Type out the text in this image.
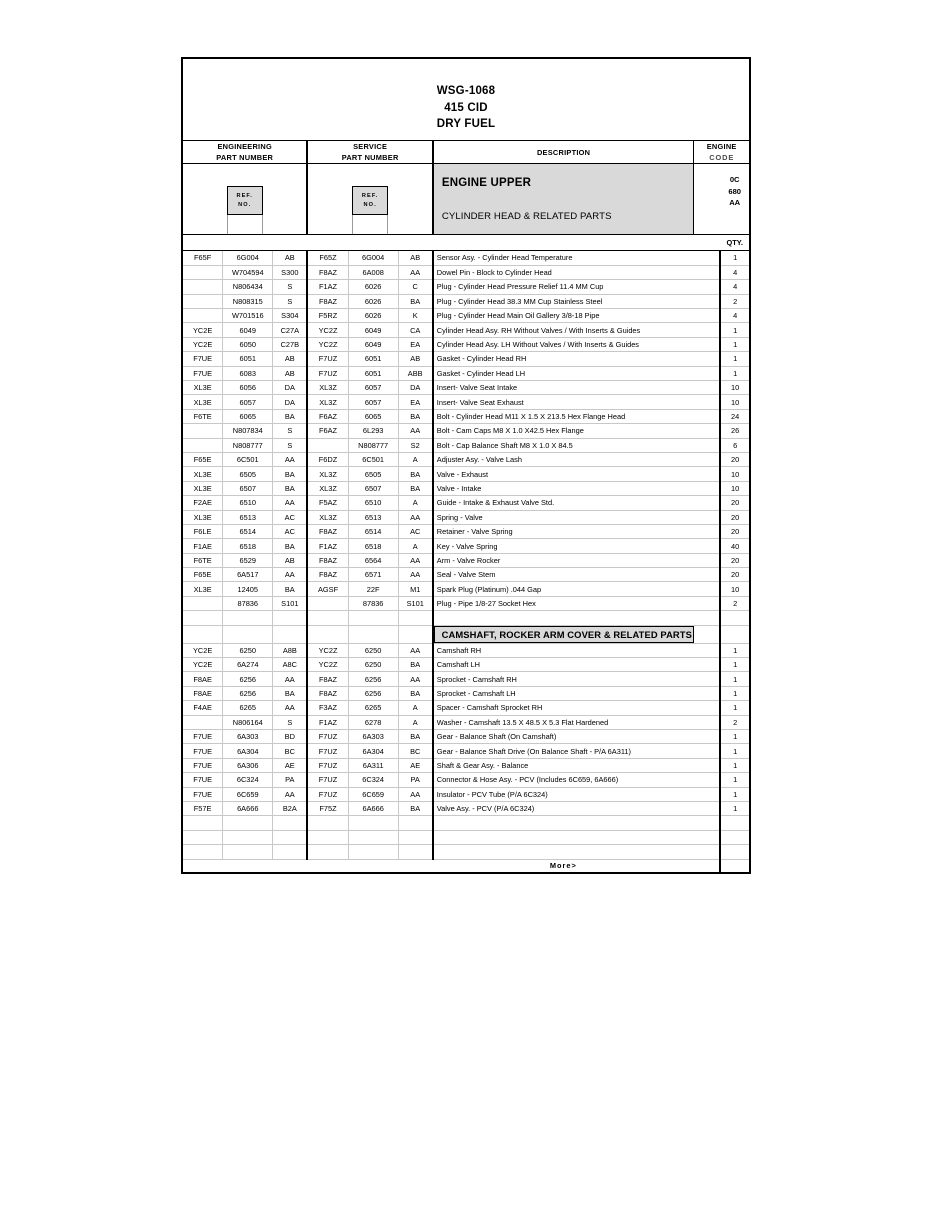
WSG-1068
415 CID
DRY FUEL
ENGINEERING
PART NUMBER	SERVICE
PART NUMBER	DESCRIPTION	ENGINE
CODE	

REF.
NO.

REF.
NO.

ENGINE UPPER
CYLINDER HEAD & RELATED PARTS

0C
680
AA

				QTY.
F65F	6G004	AB	F65Z	6G004	AB	Sensor Asy. - Cylinder Head Temperature		1
	W704594	S300	F8AZ	6A008	AA	Dowel Pin - Block to Cylinder Head		4
	N806434	S	F1AZ	6026	C	Plug - Cylinder Head Pressure Relief 11.4 MM Cup		4
	N808315	S	F8AZ	6026	BA	Plug - Cylinder Head 38.3 MM Cup Stainless Steel		2
	W701516	S304	F5RZ	6026	K	Plug - Cylinder Head Main Oil Gallery 3/8-18 Pipe		4
YC2E	6049	C27A	YC2Z	6049	CA	Cylinder Head Asy. RH Without Valves / With Inserts & Guides		1
YC2E	6050	C27B	YC2Z	6049	EA	Cylinder Head Asy. LH Without Valves / With Inserts & Guides		1
F7UE	6051	AB	F7UZ	6051	AB	Gasket - Cylinder Head RH		1
F7UE	6083	AB	F7UZ	6051	ABB	Gasket - Cylinder Head LH		1
XL3E	6056	DA	XL3Z	6057	DA	Insert- Valve Seat Intake		10
XL3E	6057	DA	XL3Z	6057	EA	Insert- Valve Seat Exhaust		10
F6TE	6065	BA	F6AZ	6065	BA	Bolt - Cylinder Head M11 X 1.5 X 213.5 Hex Flange Head		24
	N807834	S	F6AZ	6L293	AA	Bolt - Cam Caps M8 X 1.0 X42.5 Hex Flange		26
	N808777	S		N808777	S2	Bolt - Cap Balance Shaft M8 X 1.0 X 84.5		6
F65E	6C501	AA	F6DZ	6C501	A	Adjuster Asy. - Valve Lash		20
XL3E	6505	BA	XL3Z	6505	BA	Valve - Exhaust		10
XL3E	6507	BA	XL3Z	6507	BA	Valve - Intake		10
F2AE	6510	AA	F5AZ	6510	A	Guide - Intake & Exhaust Valve Std.		20
XL3E	6513	AC	XL3Z	6513	AA	Spring - Valve		20
F6LE	6514	AC	F8AZ	6514	AC	Retainer - Valve Spring		20
F1AE	6518	BA	F1AZ	6518	A	Key - Valve Spring		40
F6TE	6529	AB	F8AZ	6564	AA	Arm - Valve Rocker		20
F65E	6A517	AA	F8AZ	6571	AA	Seal - Valve Stem		20
XL3E	12405	BA	AGSF	22F	M1	Spark Plug (Platinum) .044 Gap		10
	87836	S101		87836	S101	Plug - Pipe 1/8-27 Socket Hex		2

						CAMSHAFT, ROCKER ARM COVER & RELATED PARTS		

YC2E	6250	A8B	YC2Z	6250	AA	Camshaft RH		1
YC2E	6A274	A8C	YC2Z	6250	BA	Camshaft LH		1
F8AE	6256	AA	F8AZ	6256	AA	Sprocket - Camshaft RH		1
F8AE	6256	BA	F8AZ	6256	BA	Sprocket - Camshaft LH		1
F4AE	6265	AA	F3AZ	6265	A	Spacer - Camshaft Sprocket RH		1
	N806164	S	F1AZ	6278	A	Washer - Camshaft 13.5 X 48.5 X 5.3 Flat Hardened		2
F7UE	6A303	BD	F7UZ	6A303	BA	Gear - Balance Shaft (On Camshaft)		1
F7UE	6A304	BC	F7UZ	6A304	BC	Gear - Balance Shaft Drive (On Balance Shaft - P/A 6A311)		1
F7UE	6A306	AE	F7UZ	6A311	AE	Shaft & Gear Asy. - Balance		1
F7UE	6C324	PA	F7UZ	6C324	PA	Connector & Hose Asy. - PCV (Includes 6C659, 6A666)		1
F7UE	6C659	AA	F7UZ	6C659	AA	Insulator - PCV Tube (P/A 6C324)		1
F57E	6A666	B2A	F75Z	6A666	BA	Valve Asy. - PCV (P/A 6C324)		1

						More>		
